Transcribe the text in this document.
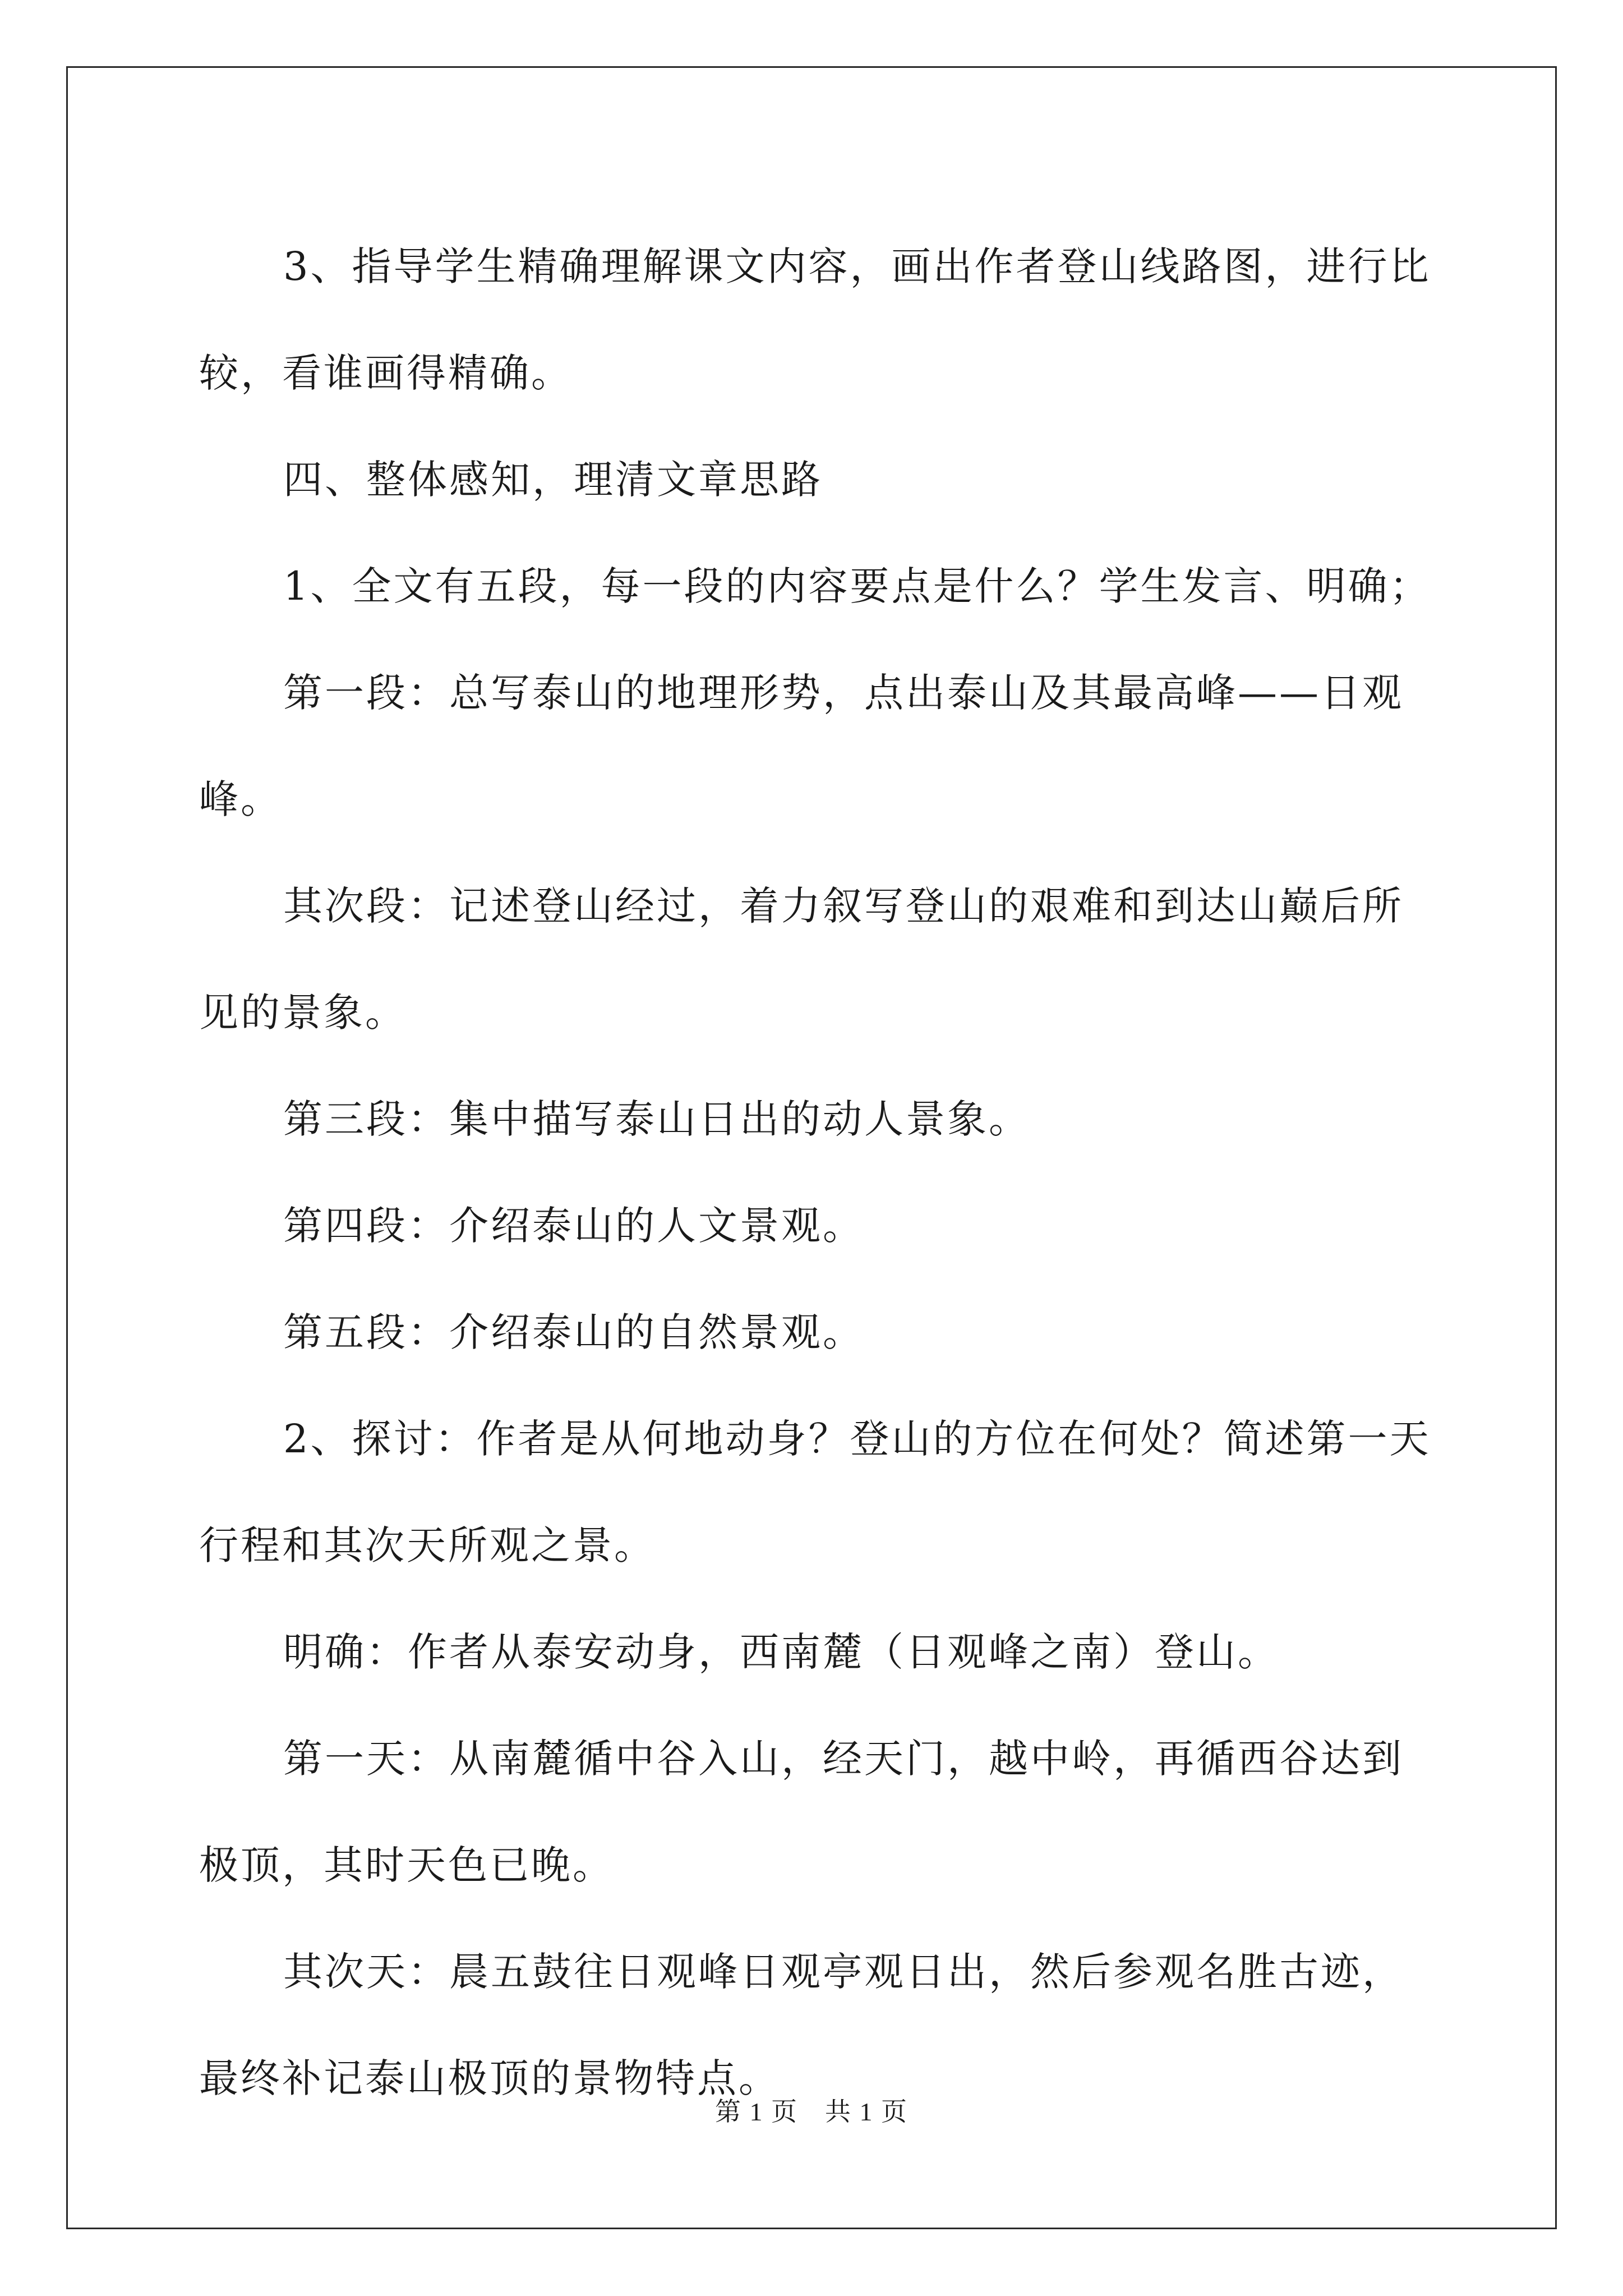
3、指导学生精确理解课文内容，画出作者登山线路图，进行比较，看谁画得精确。

四、整体感知，理清文章思路

1、全文有五段，每一段的内容要点是什么？学生发言、明确；

第一段：总写泰山的地理形势，点出泰山及其最高峰——日观峰。

其次段：记述登山经过，着力叙写登山的艰难和到达山巅后所见的景象。

第三段：集中描写泰山日出的动人景象。

第四段：介绍泰山的人文景观。

第五段：介绍泰山的自然景观。

2、探讨：作者是从何地动身？登山的方位在何处？简述第一天行程和其次天所观之景。

明确：作者从泰安动身，西南麓（日观峰之南）登山。

第一天：从南麓循中谷入山，经天门，越中岭，再循西谷达到极顶，其时天色已晚。

其次天：晨五鼓往日观峰日观亭观日出，然后参观名胜古迹，最终补记泰山极顶的景物特点。

第 1 页　共 1 页
